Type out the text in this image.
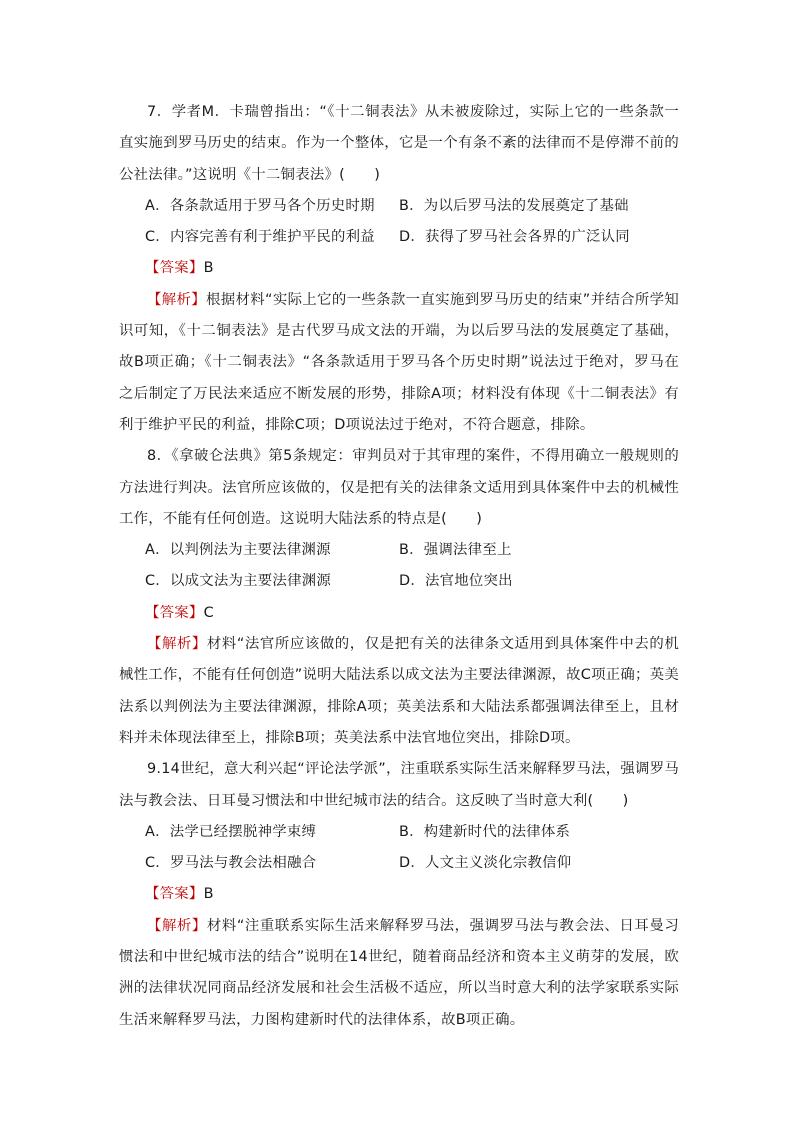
7．学者M．卡瑞曾指出：“《十二铜表法》从未被废除过，实际上它的一些条款一直实施到罗马历史的结束。作为一个整体，它是一个有条不紊的法律而不是停滞不前的公社法律。”这说明《十二铜表法》(　　)

A．各条款适用于罗马各个历史时期	B．为以后罗马法的发展奠定了基础
C．内容完善有利于维护平民的利益	D．获得了罗马社会各界的广泛认同

【答案】B

【解析】根据材料“实际上它的一些条款一直实施到罗马历史的结束”并结合所学知识可知，《十二铜表法》是古代罗马成文法的开端，为以后罗马法的发展奠定了基础，故B项正确；《十二铜表法》“各条款适用于罗马各个历史时期”说法过于绝对，罗马在之后制定了万民法来适应不断发展的形势，排除A项；材料没有体现《十二铜表法》有利于维护平民的利益，排除C项；D项说法过于绝对，不符合题意，排除。

8．《拿破仑法典》第5条规定：审判员对于其审理的案件，不得用确立一般规则的方法进行判决。法官所应该做的，仅是把有关的法律条文适用到具体案件中去的机械性工作，不能有任何创造。这说明大陆法系的特点是(　　)

A．以判例法为主要法律渊源	B．强调法律至上
C．以成文法为主要法律渊源	D．法官地位突出

【答案】C

【解析】材料“法官所应该做的，仅是把有关的法律条文适用到具体案件中去的机械性工作，不能有任何创造”说明大陆法系以成文法为主要法律渊源，故C项正确；英美法系以判例法为主要法律渊源，排除A项；英美法系和大陆法系都强调法律至上，且材料并未体现法律至上，排除B项；英美法系中法官地位突出，排除D项。

9.14世纪，意大利兴起“评论法学派”，注重联系实际生活来解释罗马法，强调罗马法与教会法、日耳曼习惯法和中世纪城市法的结合。这反映了当时意大利(　　)

A．法学已经摆脱神学束缚	B．构建新时代的法律体系
C．罗马法与教会法相融合	D．人文主义淡化宗教信仰

【答案】B

【解析】材料“注重联系实际生活来解释罗马法，强调罗马法与教会法、日耳曼习惯法和中世纪城市法的结合”说明在14世纪，随着商品经济和资本主义萌芽的发展，欧洲的法律状况同商品经济发展和社会生活极不适应，所以当时意大利的法学家联系实际生活来解释罗马法，力图构建新时代的法律体系，故B项正确。
